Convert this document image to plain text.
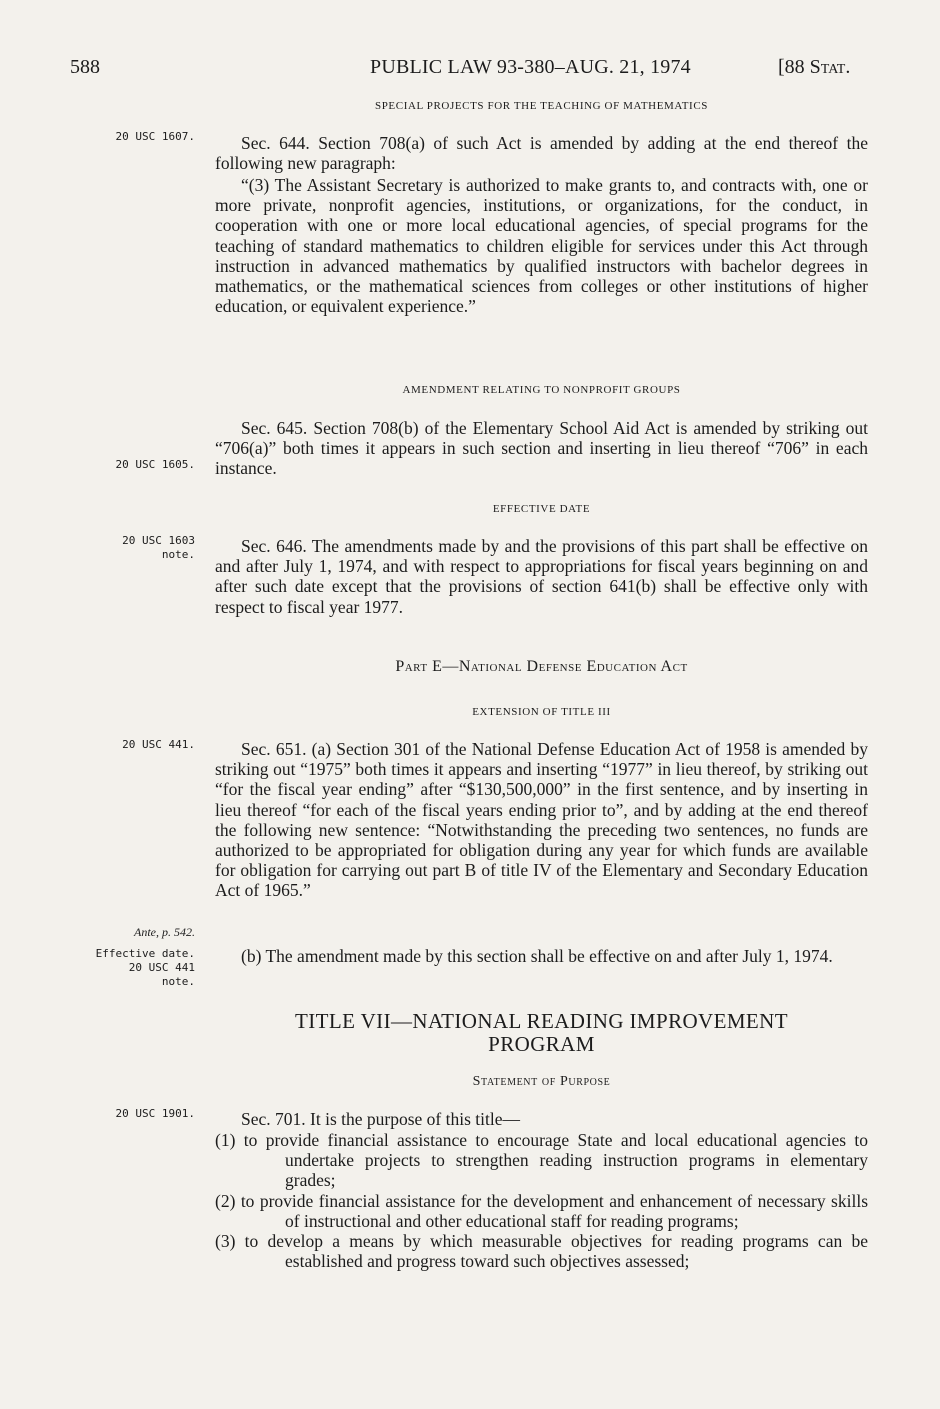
588	PUBLIC LAW 93-380–AUG. 21, 1974	[88 Stat.
20 USC 1607.
20 USC 1605.
20 USC 1603
note.
20 USC 441.
Ante, p. 542.
Effective date.
20 USC 441
note.
20 USC 1901.
SPECIAL PROJECTS FOR THE TEACHING OF MATHEMATICS

Sec. 644. Section 708(a) of such Act is amended by adding at the end thereof the following new paragraph:

“(3) The Assistant Secretary is authorized to make grants to, and contracts with, one or more private, nonprofit agencies, institutions, or organizations, for the conduct, in cooperation with one or more local educational agencies, of special programs for the teaching of standard mathematics to children eligible for services under this Act through instruction in advanced mathematics by qualified instructors with bachelor degrees in mathematics, or the mathematical sciences from colleges or other institutions of higher education, or equivalent experience.”

AMENDMENT RELATING TO NONPROFIT GROUPS

Sec. 645. Section 708(b) of the Elementary School Aid Act is amended by striking out “706(a)” both times it appears in such section and inserting in lieu thereof “706” in each instance.

EFFECTIVE DATE

Sec. 646. The amendments made by and the provisions of this part shall be effective on and after July 1, 1974, and with respect to appropriations for fiscal years beginning on and after such date except that the provisions of section 641(b) shall be effective only with respect to fiscal year 1977.

Part E—National Defense Education Act
EXTENSION OF TITLE III

Sec. 651. (a) Section 301 of the National Defense Education Act of 1958 is amended by striking out “1975” both times it appears and inserting “1977” in lieu thereof, by striking out “for the fiscal year ending” after “$130,500,000” in the first sentence, and by inserting in lieu thereof “for each of the fiscal years ending prior to”, and by adding at the end thereof the following new sentence: “Notwithstanding the preceding two sentences, no funds are authorized to be appropriated for obligation during any year for which funds are available for obligation for carrying out part B of title IV of the Elementary and Secondary Education Act of 1965.”

(b) The amendment made by this section shall be effective on and after July 1, 1974.

TITLE VII—NATIONAL READING IMPROVEMENT
PROGRAM
Statement of Purpose

Sec. 701. It is the purpose of this title—

(1) to provide financial assistance to encourage State and local educational agencies to undertake projects to strengthen reading instruction programs in elementary grades;
(2) to provide financial assistance for the development and enhancement of necessary skills of instructional and other educational staff for reading programs;
(3) to develop a means by which measurable objectives for reading programs can be established and progress toward such objectives assessed;
